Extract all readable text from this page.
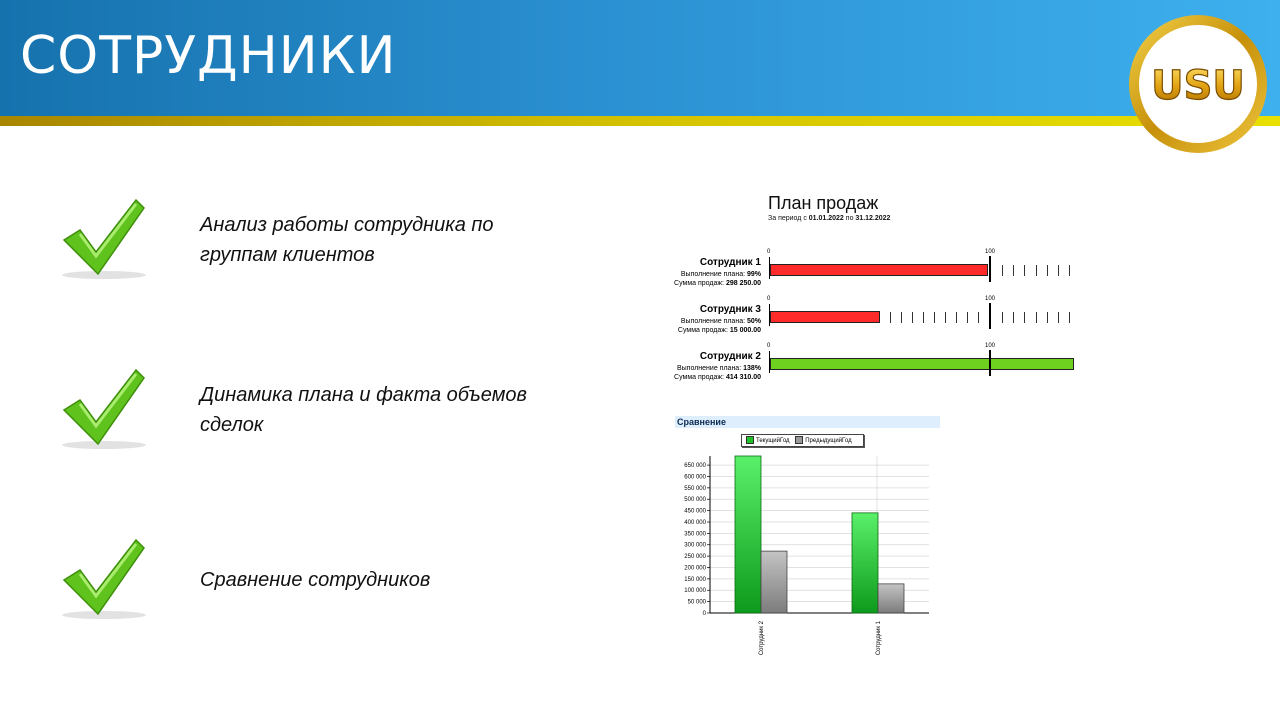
СОТРУДНИКИ	USU
Анализ работы сотрудника по группам клиентов
Динамика плана и факта объемов сделок
Сравнение сотрудников
План продаж
За период с 01.01.2022 по 31.12.2022
Сотрудник 1
Выполнение плана: 99%
Сумма продаж: 298 250.00
0	100
Сотрудник 3
Выполнение плана: 50%
Сумма продаж: 15 000.00
0	100
Сотрудник 2
Выполнение плана: 138%
Сумма продаж: 414 310.00
0	100
Сравнение
ТекущийГод	ПредыдущийГод
0
50 000
100 000
150 000
200 000
250 000
300 000
350 000
400 000
450 000
500 000
550 000
600 000
650 000
Сотрудник 2	Сотрудник 1
